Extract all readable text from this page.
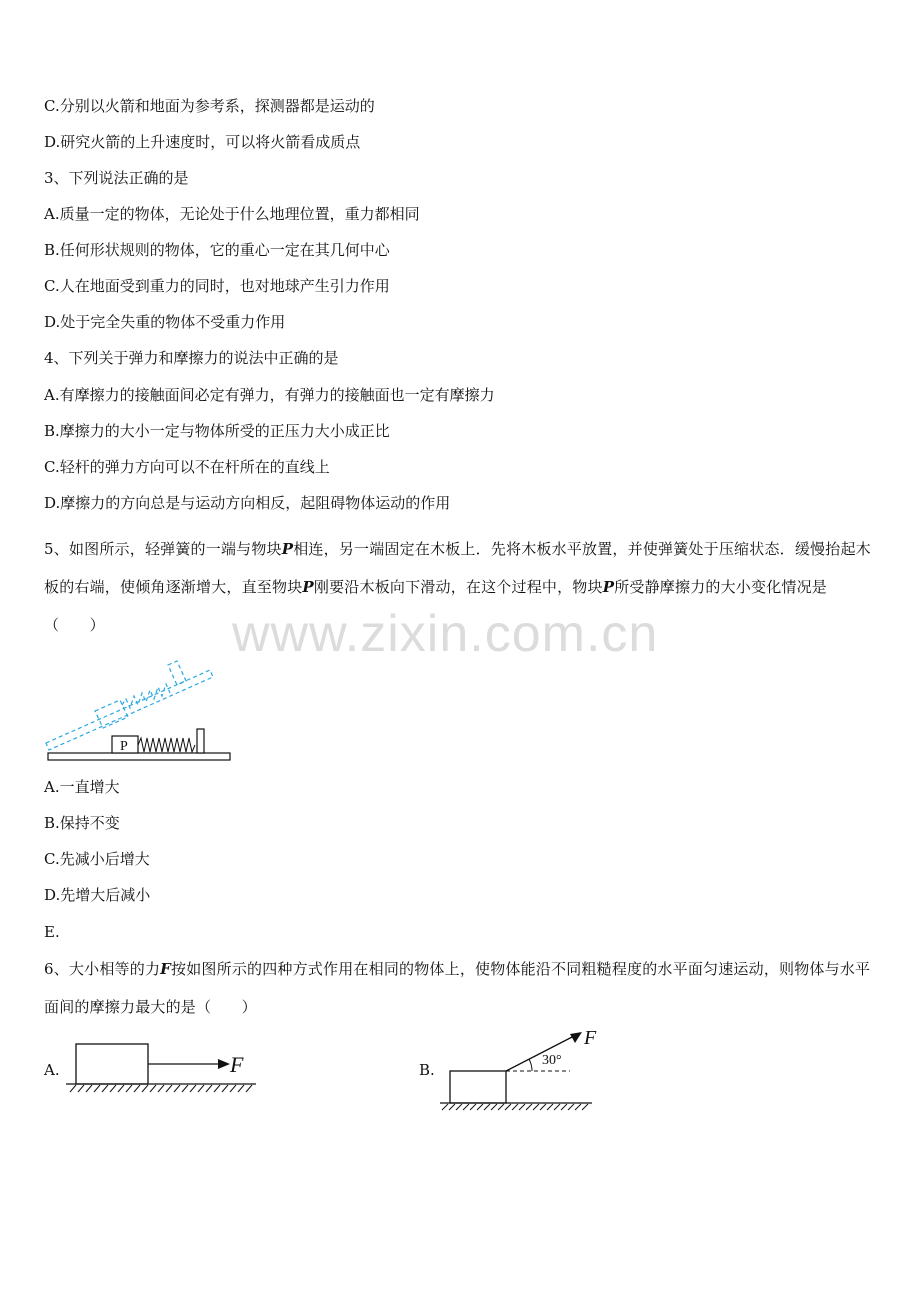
C.分别以火箭和地面为参考系，探测器都是运动的
D.研究火箭的上升速度时，可以将火箭看成质点
3、下列说法正确的是
A.质量一定的物体，无论处于什么地理位置，重力都相同
B.任何形状规则的物体，它的重心一定在其几何中心
C.人在地面受到重力的同时，也对地球产生引力作用
D.处于完全失重的物体不受重力作用
4、下列关于弹力和摩擦力的说法中正确的是
A.有摩擦力的接触面间必定有弹力，有弹力的接触面也一定有摩擦力
B.摩擦力的大小一定与物体所受的正压力大小成正比
C.轻杆的弹力方向可以不在杆所在的直线上
D.摩擦力的方向总是与运动方向相反，起阻碍物体运动的作用
5、如图所示，轻弹簧的一端与物块P相连，另一端固定在木板上．先将木板水平放置，并使弹簧处于压缩状态．缓慢抬起木板的右端，使倾角逐渐增大，直至物块P刚要沿木板向下滑动，在这个过程中，物块P所受静摩擦力的大小变化情况是（　　）	www.zixin.com.cn
P
A.一直增大
B.保持不变
C.先减小后增大
D.先增大后减小
E.
6、大小相等的力F按如图所示的四种方式作用在相同的物体上，使物体能沿不同粗糙程度的水平面匀速运动，则物体与水平面间的摩擦力最大的是（　　）
A.	F	B.
30°
F
